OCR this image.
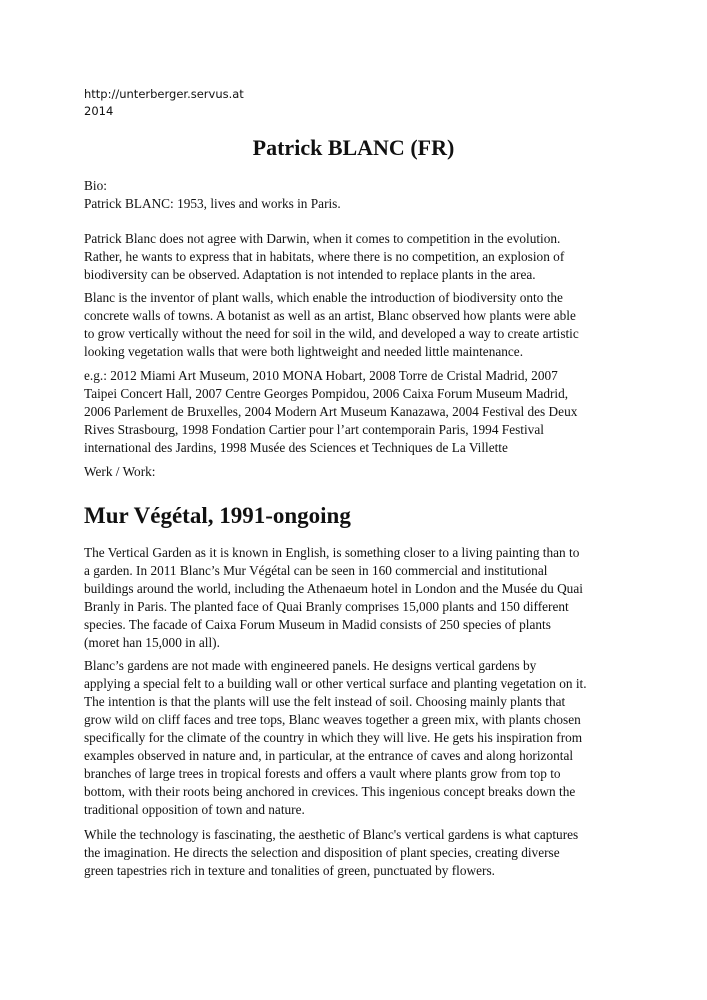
http://unterberger.servus.at
2014
Patrick BLANC (FR)

Bio:

Patrick BLANC: 1953, lives and works in Paris.

Patrick Blanc does not agree with Darwin, when it comes to competition in the evolution.

Rather, he wants to express that in habitats, where there is no competition, an explosion of

biodiversity can be observed. Adaptation is not intended to replace plants in the area.

Blanc is the inventor of plant walls, which enable the introduction of biodiversity onto the

concrete walls of towns. A botanist as well as an artist, Blanc observed how plants were able

to grow vertically without the need for soil in the wild, and developed a way to create artistic

looking vegetation walls that were both lightweight and needed little maintenance.

e.g.: 2012 Miami Art Museum, 2010 MONA Hobart, 2008 Torre de Cristal Madrid, 2007

Taipei Concert Hall, 2007 Centre Georges Pompidou, 2006 Caixa Forum Museum Madrid,

2006 Parlement de Bruxelles, 2004 Modern Art Museum Kanazawa, 2004 Festival des Deux

Rives Strasbourg, 1998 Fondation Cartier pour l’art contemporain Paris, 1994 Festival

international des Jardins, 1998 Musée des Sciences et Techniques de La Villette

Werk / Work:

Mur Végétal, 1991-ongoing

The Vertical Garden as it is known in English, is something closer to a living painting than to

a garden. In 2011 Blanc’s Mur Végétal can be seen in 160 commercial and institutional

buildings around the world, including the Athenaeum hotel in London and the Musée du Quai

Branly in Paris. The planted face of Quai Branly comprises 15,000 plants and 150 different

species. The facade of Caixa Forum Museum in Madid consists of 250 species of plants

(moret han 15,000 in all).

Blanc’s gardens are not made with engineered panels. He designs vertical gardens by

applying a special felt to a building wall or other vertical surface and planting vegetation on it.

The intention is that the plants will use the felt instead of soil. Choosing mainly plants that

grow wild on cliff faces and tree tops, Blanc weaves together a green mix, with plants chosen

specifically for the climate of the country in which they will live. He gets his inspiration from

examples observed in nature and, in particular, at the entrance of caves and along horizontal

branches of large trees in tropical forests and offers a vault where plants grow from top to

bottom, with their roots being anchored in crevices. This ingenious concept breaks down the

traditional opposition of town and nature.

While the technology is fascinating, the aesthetic of Blanc's vertical gardens is what captures

the imagination. He directs the selection and disposition of plant species, creating diverse

green tapestries rich in texture and tonalities of green, punctuated by flowers.
